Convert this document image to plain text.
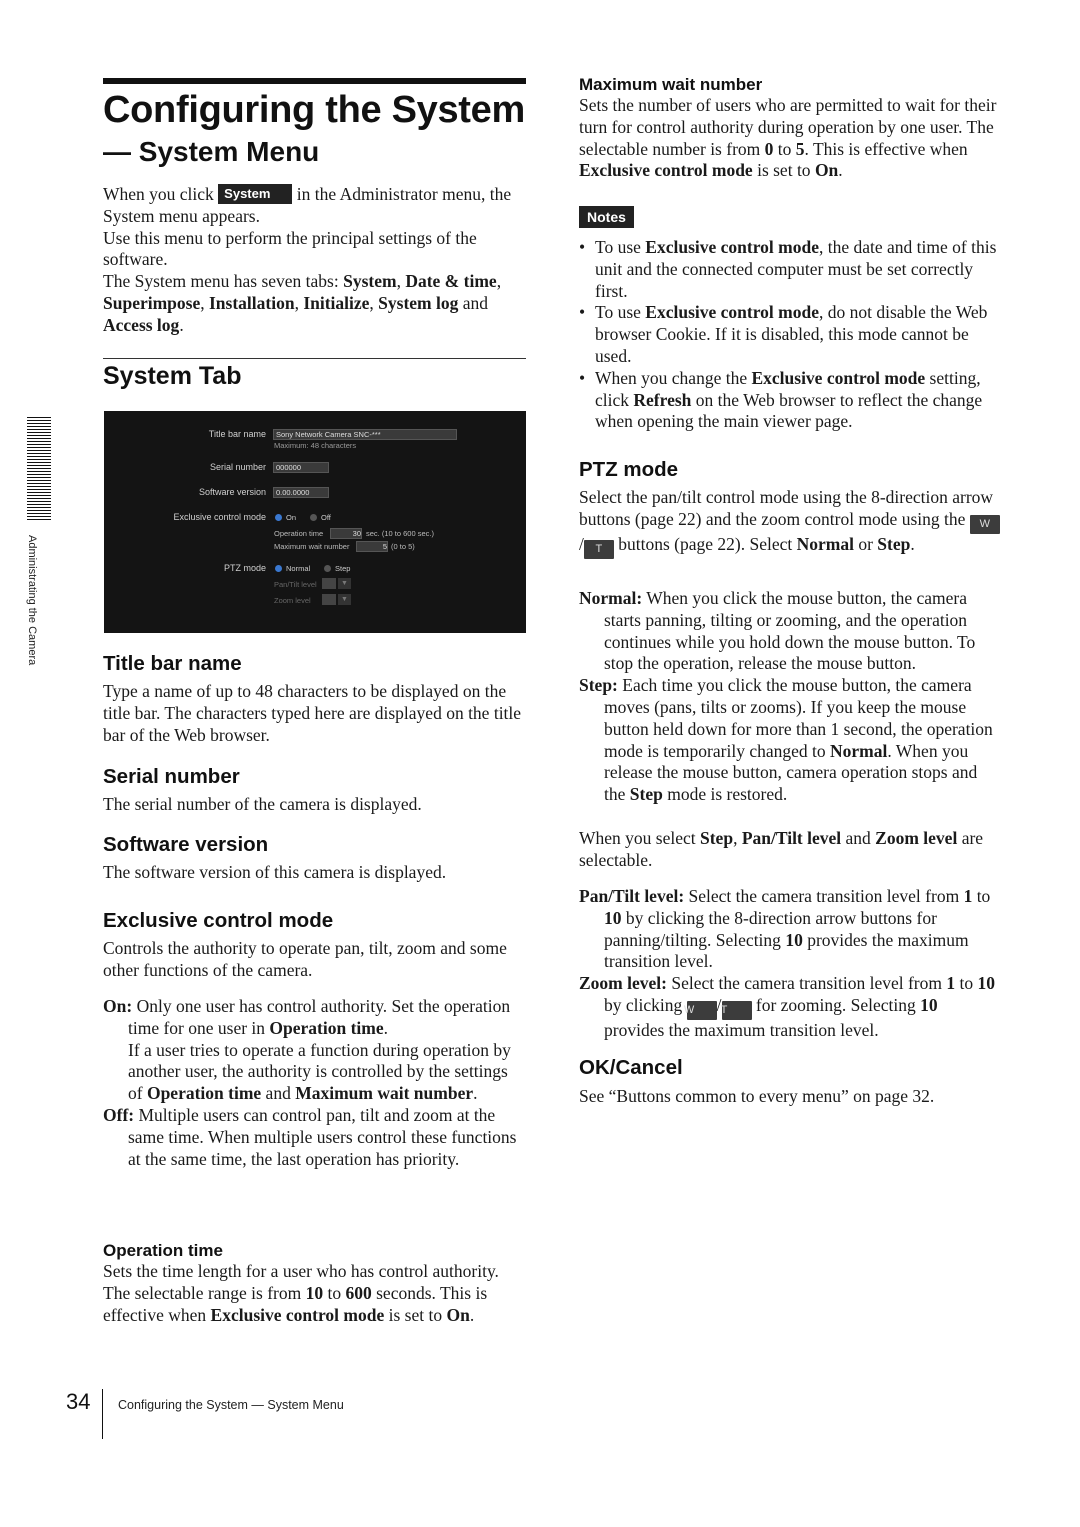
Administrating the Camera
Configuring the System
— System Menu

When you click System in the Administrator menu, the System menu appears.

Use this menu to perform the principal settings of the software.

The System menu has seven tabs: System, Date & time, Superimpose, Installation, Initialize, System log and Access log.

System Tab
Title bar name	Sony Network Camera SNC-***
Maximum: 48 characters
Serial number	000000
Software version	0.00.0000
Exclusive control mode	On	Off
Operation time	30 sec. (10 to 600 sec.)
Maximum wait number	5 (0 to 5)
PTZ mode	Normal	Step
Pan/Tilt level	▼
Zoom level	▼
Title bar name

Type a name of up to 48 characters to be displayed on the title bar. The characters typed here are displayed on the title bar of the Web browser.

Serial number

The serial number of the camera is displayed.

Software version

The software version of this camera is displayed.

Exclusive control mode

Controls the authority to operate pan, tilt, zoom and some other functions of the camera.

On: Only one user has control authority. Set the operation time for one user in Operation time.

If a user tries to operate a function during operation by another user, the authority is controlled by the settings of Operation time and Maximum wait number.

Off: Multiple users can control pan, tilt and zoom at the same time. When multiple users control these functions at the same time, the last operation has priority.

Operation time

Sets the time length for a user who has control authority. The selectable range is from 10 to 600 seconds. This is effective when Exclusive control mode is set to On.

Maximum wait number

Sets the number of users who are permitted to wait for their turn for control authority during operation by one user. The selectable number is from 0 to 5. This is effective when Exclusive control mode is set to On.

Notes

• To use Exclusive control mode, the date and time of this unit and the connected computer must be set correctly first.

• To use Exclusive control mode, do not disable the Web browser Cookie. If it is disabled, this mode cannot be used.

• When you change the Exclusive control mode setting, click Refresh on the Web browser to reflect the change when opening the main viewer page.

PTZ mode

Select the pan/tilt control mode using the 8-direction arrow buttons (page 22) and the zoom control mode using the W/ T buttons (page 22). Select Normal or Step.

Normal: When you click the mouse button, the camera starts panning, tilting or zooming, and the operation continues while you hold down the mouse button. To stop the operation, release the mouse button.

Step: Each time you click the mouse button, the camera moves (pans, tilts or zooms). If you keep the mouse button held down for more than 1 second, the operation mode is temporarily changed to Normal. When you release the mouse button, camera operation stops and the Step mode is restored.

When you select Step, Pan/Tilt level and Zoom level are selectable.

Pan/Tilt level: Select the camera transition level from 1 to 10 by clicking the 8-direction arrow buttons for panning/tilting. Selecting 10 provides the maximum transition level.

Zoom level: Select the camera transition level from 1 to 10 by clicking W /T for zooming. Selecting 10 provides the maximum transition level.

OK/Cancel

See “Buttons common to every menu” on page 32.

34 Configuring the System — System Menu
